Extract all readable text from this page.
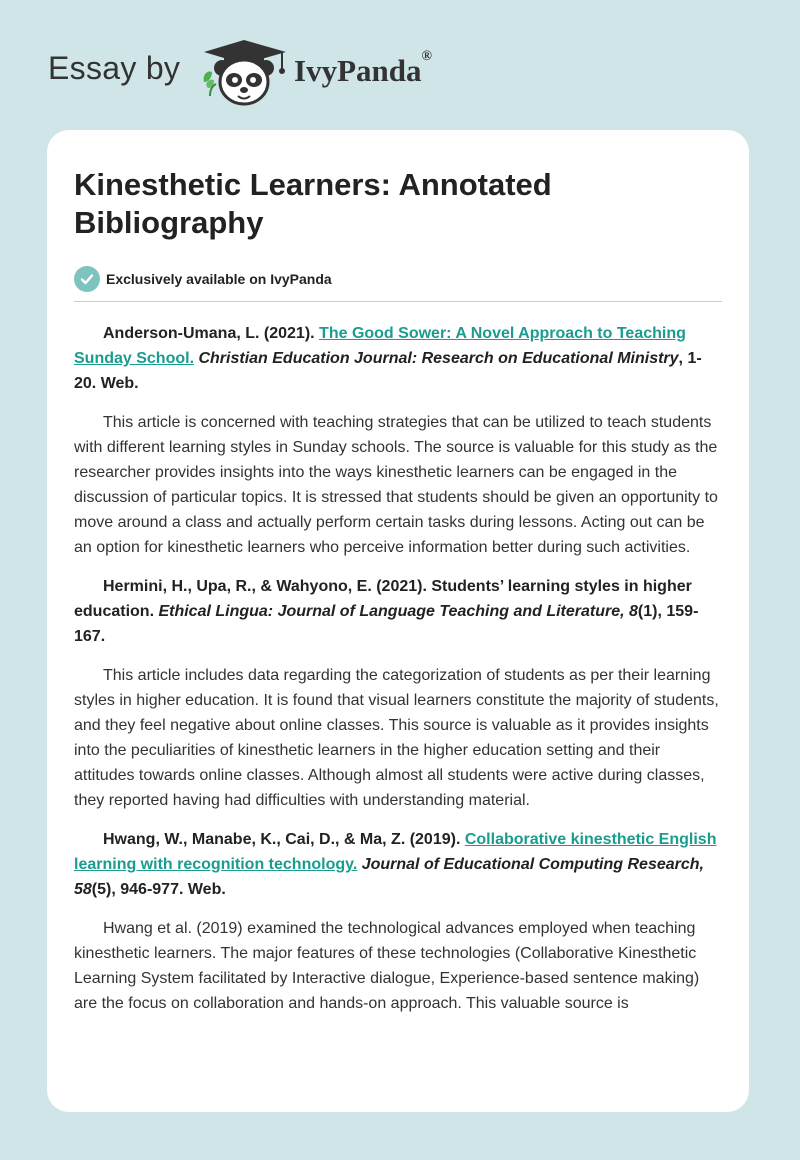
Essay by	IvyPanda®
Kinesthetic Learners: Annotated Bibliography
Exclusively available on IvyPanda

Anderson-Umana, L. (2021). The Good Sower: A Novel Approach to Teaching Sunday School. Christian Education Journal: Research on Educational Ministry, 1-20. Web.

This article is concerned with teaching strategies that can be utilized to teach students with different learning styles in Sunday schools. The source is valuable for this study as the researcher provides insights into the ways kinesthetic learners can be engaged in the discussion of particular topics. It is stressed that students should be given an opportunity to move around a class and actually perform certain tasks during lessons. Acting out can be an option for kinesthetic learners who perceive information better during such activities.

Hermini, H., Upa, R., & Wahyono, E. (2021). Students’ learning styles in higher education. Ethical Lingua: Journal of Language Teaching and Literature, 8(1), 159-167.

This article includes data regarding the categorization of students as per their learning styles in higher education. It is found that visual learners constitute the majority of students, and they feel negative about online classes. This source is valuable as it provides insights into the peculiarities of kinesthetic learners in the higher education setting and their attitudes towards online classes. Although almost all students were active during classes, they reported having had difficulties with understanding material.

Hwang, W., Manabe, K., Cai, D., & Ma, Z. (2019). Collaborative kinesthetic English learning with recognition technology. Journal of Educational Computing Research, 58(5), 946-977. Web.

Hwang et al. (2019) examined the technological advances employed when teaching kinesthetic learners. The major features of these technologies (Collaborative Kinesthetic Learning System facilitated by Interactive dialogue, Experience-based sentence making) are the focus on collaboration and hands-on approach. This valuable source is
